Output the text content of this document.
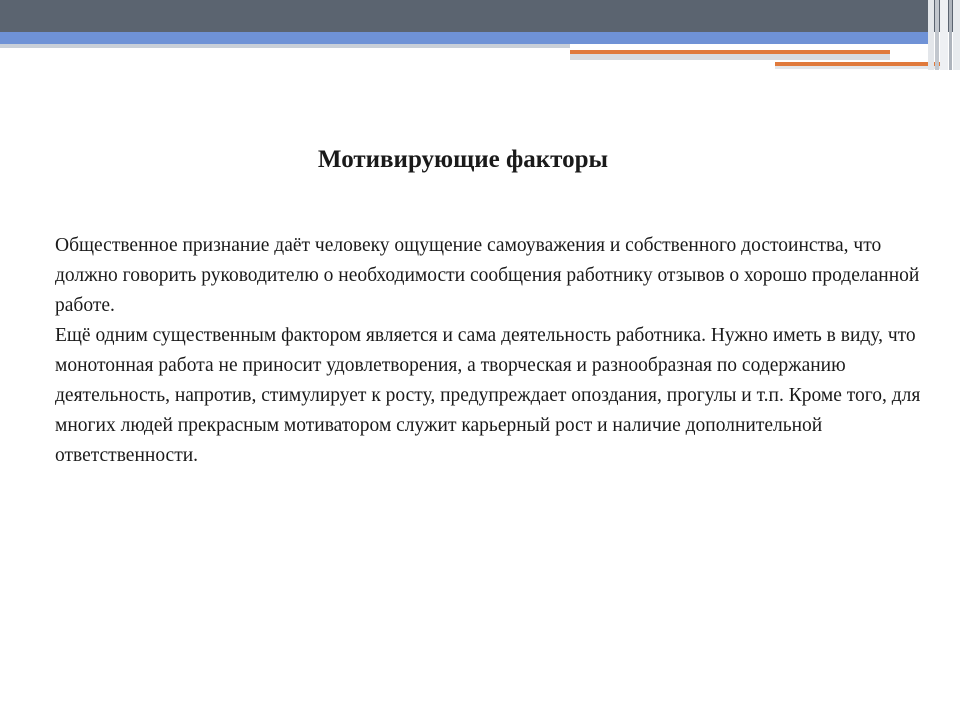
Мотивирующие факторы

Общественное признание даёт человеку ощущение самоуважения и собственного достоинства, что должно говорить руководителю о необходимости сообщения работнику отзывов о хорошо проделанной работе.

Ещё одним существенным фактором является и сама деятельность работника. Нужно иметь в виду, что монотонная работа не приносит удовлетворения, а творческая и разнообразная по содержанию деятельность, напротив, стимулирует к росту, предупреждает опоздания, прогулы и т.п. Кроме того, для многих людей прекрасным мотиватором служит карьерный рост и наличие дополнительной ответственности.
